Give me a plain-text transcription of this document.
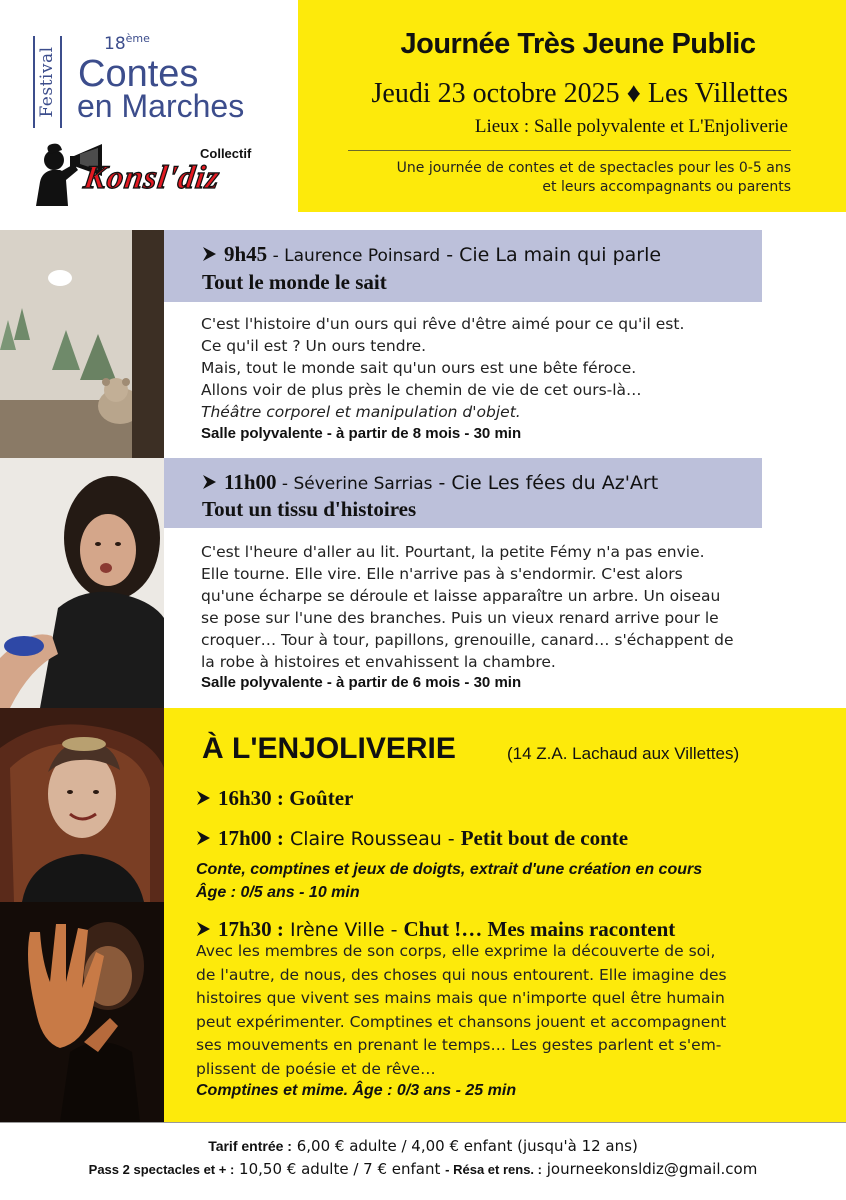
Festival
18ème
Contes
en Marches
Collectif
Konsl'diz
Journée Très Jeune Public
Jeudi 23 octobre 2025 ♦ Les Villettes
Lieux : Salle polyvalente et L'Enjoliverie
Une journée de contes et de spectacles pour les 0-5 ans
et leurs accompagnants ou parents
9h45 - Laurence Poinsard - Cie La main qui parle
Tout le monde le sait
C'est l'histoire d'un ours qui rêve d'être aimé pour ce qu'il est.
Ce qu'il est ? Un ours tendre.
Mais, tout le monde sait qu'un ours est une bête féroce.
Allons voir de plus près le chemin de vie de cet ours-là…
Théâtre corporel et manipulation d'objet.
Salle polyvalente - à partir de 8 mois - 30 min
11h00 - Séverine Sarrias - Cie Les fées du Az'Art
Tout un tissu d'histoires
C'est l'heure d'aller au lit. Pourtant, la petite Fémy n'a pas envie.
Elle tourne. Elle vire. Elle n'arrive pas à s'endormir. C'est alors
qu'une écharpe se déroule et laisse apparaître un arbre. Un oiseau
se pose sur l'une des branches. Puis un vieux renard arrive pour le
croquer… Tour à tour, papillons, grenouille, canard… s'échappent de
la robe à histoires et envahissent la chambre.
Salle polyvalente - à partir de 6 mois - 30 min
À L'ENJOLIVERIE	(14 Z.A. Lachaud aux Villettes)
16h30 : Goûter
17h00 : Claire Rousseau - Petit bout de conte
Conte, comptines et jeux de doigts, extrait d'une création en cours
Âge : 0/5 ans - 10 min
17h30 : Irène Ville - Chut !… Mes mains racontent
Avec les membres de son corps, elle exprime la découverte de soi,
de l'autre, de nous, des choses qui nous entourent. Elle imagine des
histoires que vivent ses mains mais que n'importe quel être humain
peut expérimenter. Comptines et chansons jouent et accompagnent
ses mouvements en prenant le temps… Les gestes parlent et s'em-
plissent de poésie et de rêve…
Comptines et mime. Âge : 0/3 ans - 25 min
Tarif entrée : 6,00 € adulte / 4,00 € enfant (jusqu'à 12 ans)
Pass 2 spectacles et + : 10,50 € adulte / 7 € enfant - Résa et rens. : journeekonsldiz@gmail.com
